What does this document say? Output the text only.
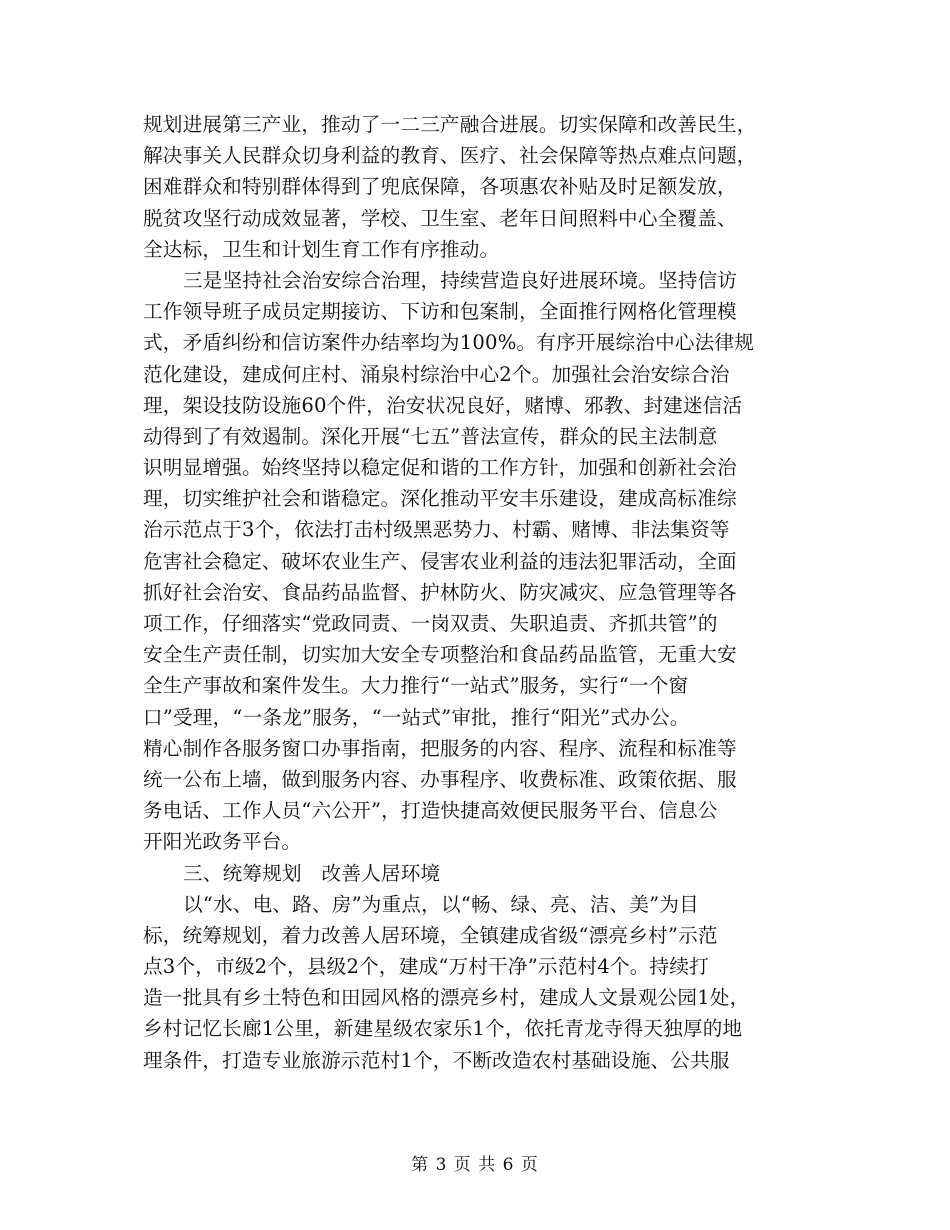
规划进展第三产业，推动了一二三产融合进展。切实保障和改善民生，
解决事关人民群众切身利益的教育、医疗、社会保障等热点难点问题，
困难群众和特别群体得到了兜底保障，各项惠农补贴及时足额发放，
脱贫攻坚行动成效显著，学校、卫生室、老年日间照料中心全覆盖、
全达标，卫生和计划生育工作有序推动。
三是坚持社会治安综合治理，持续营造良好进展环境。坚持信访
工作领导班子成员定期接访、下访和包案制，全面推行网格化管理模
式，矛盾纠纷和信访案件办结率均为100%。有序开展综治中心法律规
范化建设，建成何庄村、涌泉村综治中心2个。加强社会治安综合治
理，架设技防设施60个件，治安状况良好，赌博、邪教、封建迷信活
动得到了有效遏制。深化开展“七五”普法宣传，群众的民主法制意
识明显增强。始终坚持以稳定促和谐的工作方针，加强和创新社会治
理，切实维护社会和谐稳定。深化推动平安丰乐建设，建成高标准综
治示范点于3个，依法打击村级黑恶势力、村霸、赌博、非法集资等
危害社会稳定、破坏农业生产、侵害农业利益的违法犯罪活动，全面
抓好社会治安、食品药品监督、护林防火、防灾减灾、应急管理等各
项工作，仔细落实“党政同责、一岗双责、失职追责、齐抓共管”的
安全生产责任制，切实加大安全专项整治和食品药品监管，无重大安
全生产事故和案件发生。大力推行“一站式”服务，实行“一个窗
口”受理，“一条龙”服务，“一站式”审批，推行“阳光”式办公。
精心制作各服务窗口办事指南，把服务的内容、程序、流程和标准等
统一公布上墙，做到服务内容、办事程序、收费标准、政策依据、服
务电话、工作人员“六公开”，打造快捷高效便民服务平台、信息公
开阳光政务平台。
三、统筹规划　改善人居环境
以“水、电、路、房”为重点，以“畅、绿、亮、洁、美”为目
标，统筹规划，着力改善人居环境，全镇建成省级“漂亮乡村”示范
点3个，市级2个，县级2个，建成“万村干净”示范村4个。持续打
造一批具有乡土特色和田园风格的漂亮乡村，建成人文景观公园1处，
乡村记忆长廊1公里，新建星级农家乐1个，依托青龙寺得天独厚的地
理条件，打造专业旅游示范村1个，不断改造农村基础设施、公共服
第 3 页 共 6 页
